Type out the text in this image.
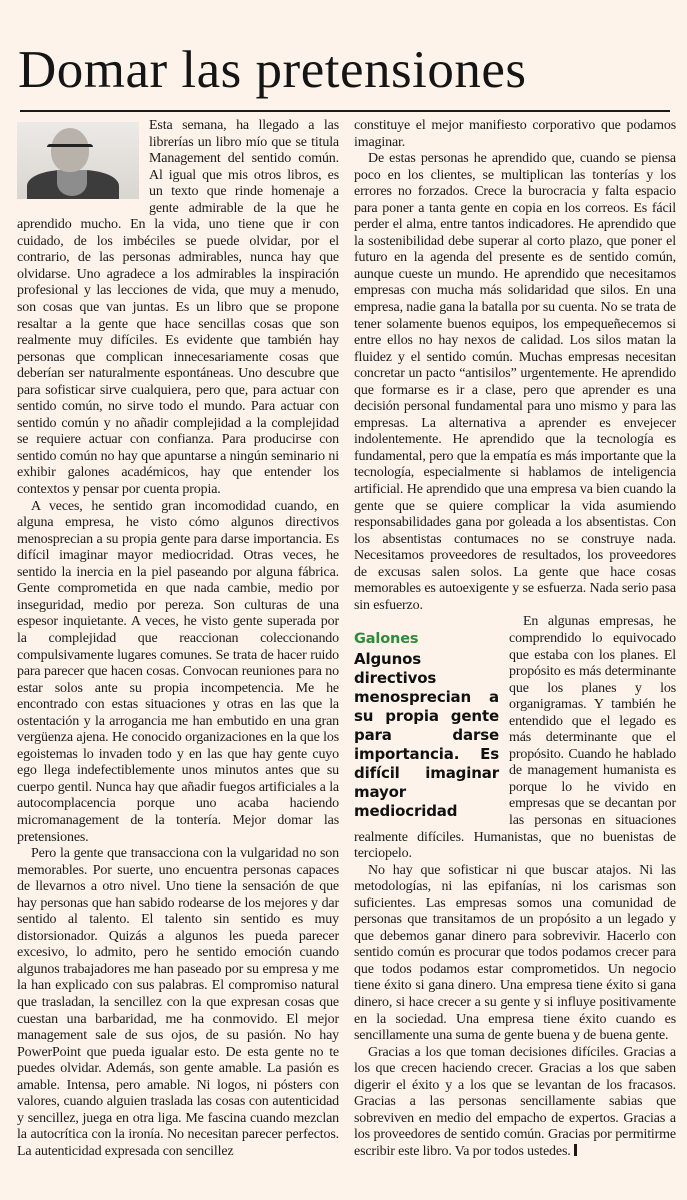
Domar las pretensiones

Esta semana, ha llegado a las librerías un libro mío que se titula Management del sentido común. Al igual que mis otros libros, es un texto que rinde homenaje a gente admirable de la que he aprendido mucho. En la vida, uno tiene que ir con cuidado, de los imbéciles se puede olvidar, por el contrario, de las personas admirables, nunca hay que olvidarse. Uno agradece a los admirables la inspiración profesional y las lecciones de vida, que muy a menudo, son cosas que van juntas. Es un libro que se propone resaltar a la gente que hace sencillas cosas que son realmente muy difíciles. Es evidente que también hay personas que complican innecesariamente cosas que deberían ser naturalmente espontáneas. Uno descubre que para sofisticar sirve cualquiera, pero que, para actuar con sentido común, no sirve todo el mundo. Para actuar con sentido común y no añadir complejidad a la complejidad se requiere actuar con confianza. Para producirse con sentido común no hay que apuntarse a ningún seminario ni exhibir galones académicos, hay que entender los contextos y pensar por cuenta propia.

A veces, he sentido gran incomodidad cuando, en alguna empresa, he visto cómo algunos directivos menosprecian a su propia gente para darse importancia. Es difícil imaginar mayor mediocridad. Otras veces, he sentido la inercia en la piel paseando por alguna fábrica. Gente comprometida en que nada cambie, medio por inseguridad, medio por pereza. Son culturas de una espesor inquietante. A veces, he visto gente superada por la complejidad que reaccionan coleccionando compulsivamente lugares comunes. Se trata de hacer ruido para parecer que hacen cosas. Convocan reuniones para no estar solos ante su propia incompetencia. Me he encontrado con estas situaciones y otras en las que la ostentación y la arrogancia me han embutido en una gran vergüenza ajena. He conocido organizaciones en la que los egoistemas lo invaden todo y en las que hay gente cuyo ego llega indefectiblemente unos minutos antes que su cuerpo gentil. Nunca hay que añadir fuegos artificiales a la autocomplacencia porque uno acaba haciendo micromanagement de la tontería. Mejor domar las pretensiones.

Pero la gente que transacciona con la vulgaridad no son memorables. Por suerte, uno encuentra personas capaces de llevarnos a otro nivel. Uno tiene la sensación de que hay personas que han sabido rodearse de los mejores y dar sentido al talento. El talento sin sentido es muy distorsionador. Quizás a algunos les pueda parecer excesivo, lo admito, pero he sentido emoción cuando algunos trabajadores me han paseado por su empresa y me la han explicado con sus palabras. El compromiso natural que trasladan, la sencillez con la que expresan cosas que cuestan una barbaridad, me ha conmovido. El mejor management sale de sus ojos, de su pasión. No hay PowerPoint que pueda igualar esto. De esta gente no te puedes olvidar. Además, son gente amable. La pasión es amable. Intensa, pero amable. Ni logos, ni pósters con valores, cuando alguien traslada las cosas con autenticidad y sencillez, juega en otra liga. Me fascina cuando mezclan la autocrítica con la ironía. No necesitan parecer perfectos. La autenticidad expresada con sencillez

constituye el mejor manifiesto corporativo que podamos imaginar.

De estas personas he aprendido que, cuando se piensa poco en los clientes, se multiplican las tonterías y los errores no forzados. Crece la burocracia y falta espacio para poner a tanta gente en copia en los correos. Es fácil perder el alma, entre tantos indicadores. He aprendido que la sostenibilidad debe superar al corto plazo, que poner el futuro en la agenda del presente es de sentido común, aunque cueste un mundo. He aprendido que necesitamos empresas con mucha más solidaridad que silos. En una empresa, nadie gana la batalla por su cuenta. No se trata de tener solamente buenos equipos, los empequeñecemos si entre ellos no hay nexos de calidad. Los silos matan la fluidez y el sentido común. Muchas empresas necesitan concretar un pacto “antisilos” urgentemente. He aprendido que formarse es ir a clase, pero que aprender es una decisión personal fundamental para uno mismo y para las empresas. La alternativa a aprender es envejecer indolentemente. He aprendido que la tecnología es fundamental, pero que la empatía es más importante que la tecnología, especialmente si hablamos de inteligencia artificial. He aprendido que una empresa va bien cuando la gente que se quiere complicar la vida asumiendo responsabilidades gana por goleada a los absentistas. Con los absentistas contumaces no se construye nada. Necesitamos proveedores de resultados, los proveedores de excusas salen solos. La gente que hace cosas memorables es autoexigente y se esfuerza. Nada serio pasa sin esfuerzo.

Galones
Algunos directivos menosprecian a su propia gente para darse importancia. Es difícil imaginar mayor mediocridad

En algunas empresas, he comprendido lo equivocado que estaba con los planes. El propósito es más determinante que los planes y los organigramas. Y también he entendido que el legado es más determinante que el propósito. Cuando he hablado de management humanista es porque lo he vivido en empresas que se decantan por las personas en situaciones realmente difíciles. Humanistas, que no buenistas de terciopelo.

No hay que sofisticar ni que buscar atajos. Ni las metodologías, ni las epifanías, ni los carismas son suficientes. Las empresas somos una comunidad de personas que transitamos de un propósito a un legado y que debemos ganar dinero para sobrevivir. Hacerlo con sentido común es procurar que todos podamos crecer para que todos podamos estar comprometidos. Un negocio tiene éxito si gana dinero. Una empresa tiene éxito si gana dinero, si hace crecer a su gente y si influye positivamente en la sociedad. Una empresa tiene éxito cuando es sencillamente una suma de gente buena y de buena gente.

Gracias a los que toman decisiones difíciles. Gracias a los que crecen haciendo crecer. Gracias a los que saben digerir el éxito y a los que se levantan de los fracasos. Gracias a las personas sencillamente sabias que sobreviven en medio del empacho de expertos. Gracias a los proveedores de sentido común. Gracias por permitirme escribir este libro. Va por todos ustedes.
